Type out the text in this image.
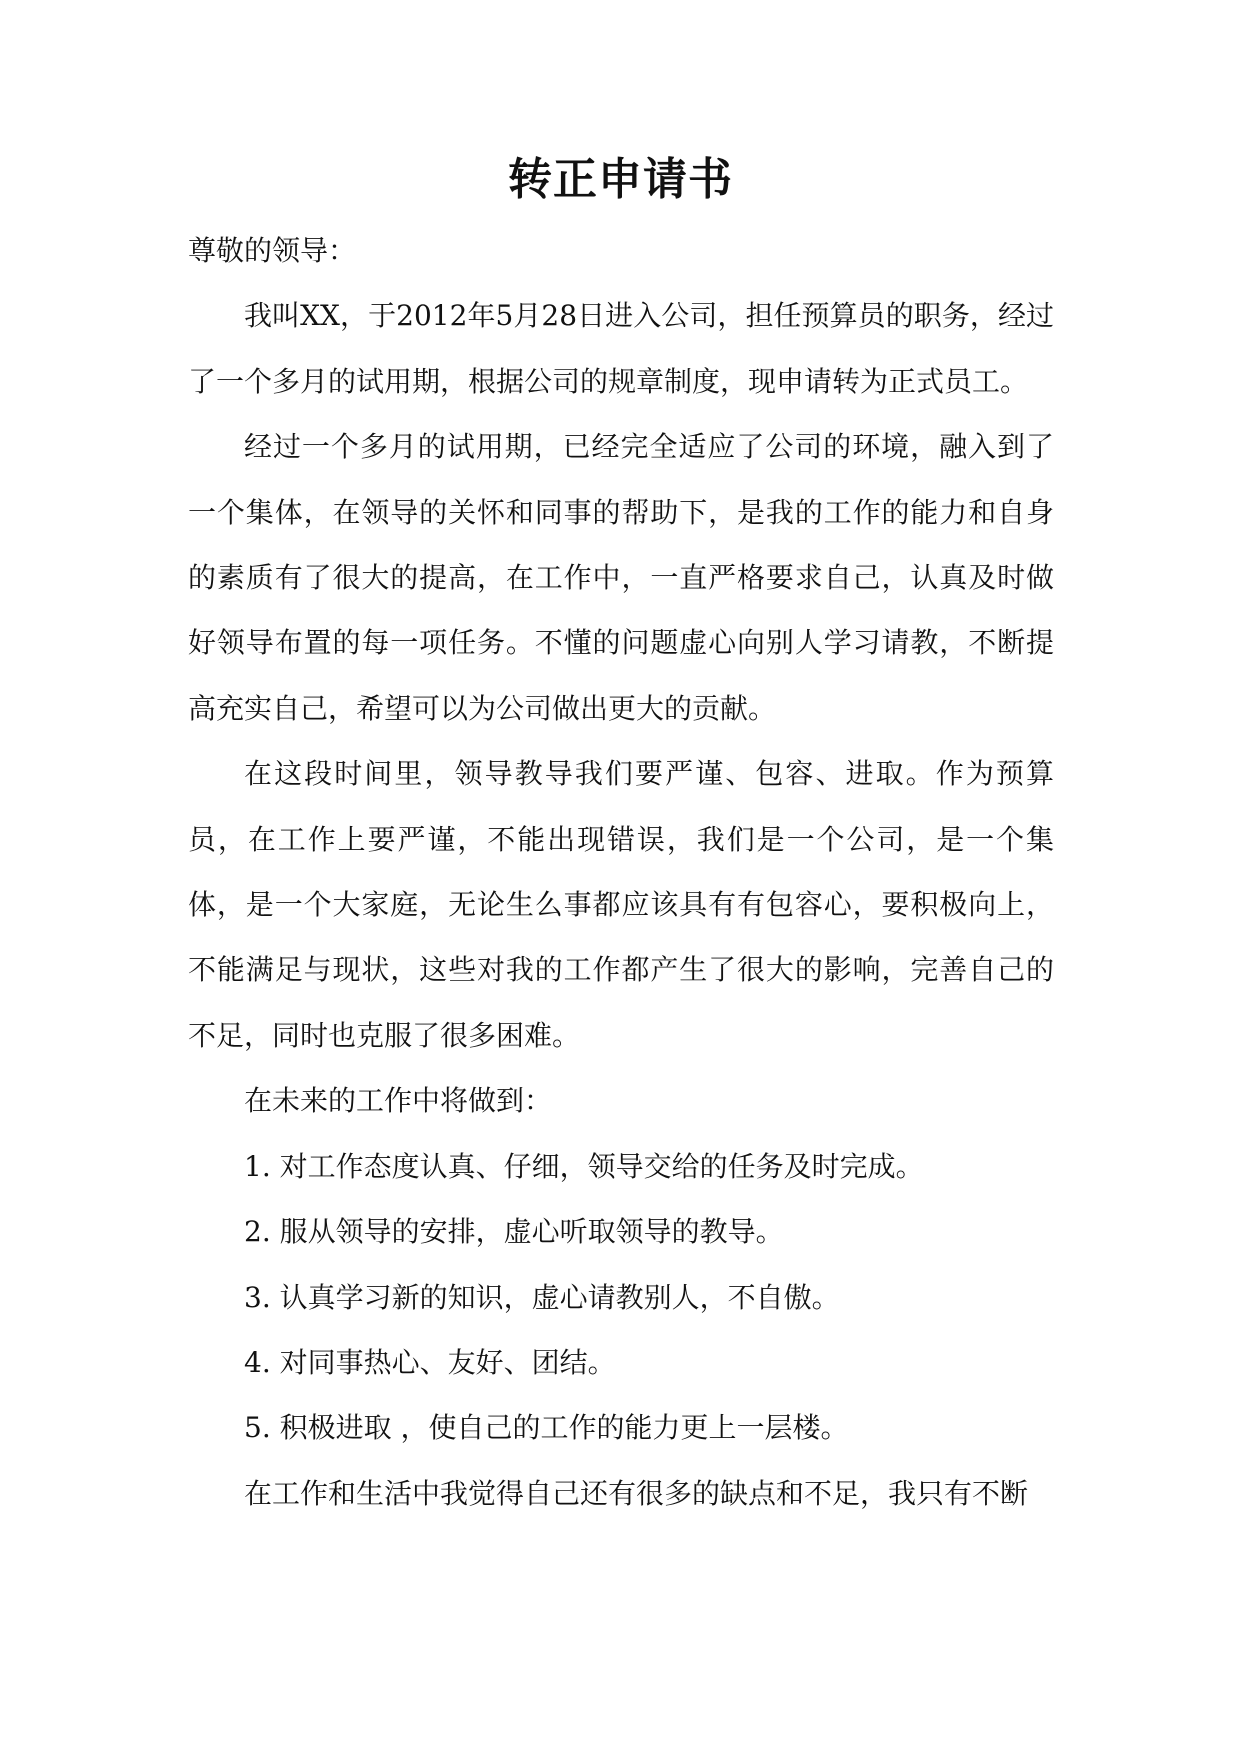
转正申请书

尊敬的领导：

我叫XX，于2012年5月28日进入公司，担任预算员的职务，经过了一个多月的试用期，根据公司的规章制度，现申请转为正式员工。

经过一个多月的试用期，已经完全适应了公司的环境，融入到了一个集体，在领导的关怀和同事的帮助下，是我的工作的能力和自身的素质有了很大的提高，在工作中，一直严格要求自己，认真及时做好领导布置的每一项任务。不懂的问题虚心向别人学习请教，不断提高充实自己，希望可以为公司做出更大的贡献。

在这段时间里，领导教导我们要严谨、包容、进取。作为预算员，在工作上要严谨，不能出现错误，我们是一个公司，是一个集体，是一个大家庭，无论生么事都应该具有有包容心，要积极向上，不能满足与现状，这些对我的工作都产生了很大的影响，完善自己的不足，同时也克服了很多困难。

在未来的工作中将做到：

1. 对工作态度认真、仔细，领导交给的任务及时完成。

2. 服从领导的安排，虚心听取领导的教导。

3. 认真学习新的知识，虚心请教别人，不自傲。

4. 对同事热心、友好、团结。

5. 积极进取 ，使自己的工作的能力更上一层楼。

在工作和生活中我觉得自己还有很多的缺点和不足，我只有不断
